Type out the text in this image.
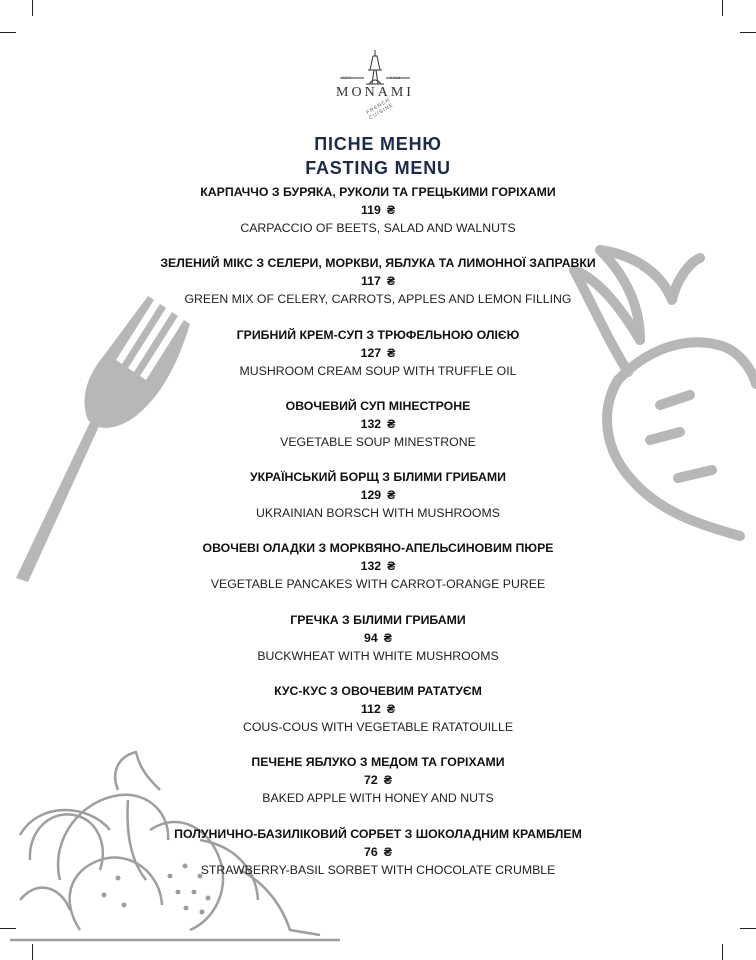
EST.	2016
MONAMI
FRENCH CUISINE
ПІСНЕ МЕНЮ
FASTING MENU
КАРПАЧЧО З БУРЯКА, РУКОЛИ ТА ГРЕЦЬКИМИ ГОРІХАМИ
119 ₴
CARPACCIO OF BEETS, SALAD AND WALNUTS
ЗЕЛЕНИЙ МІКС З СЕЛЕРИ, МОРКВИ, ЯБЛУКА ТА ЛИМОННОЇ ЗАПРАВКИ
117 ₴
GREEN MIX OF CELERY, CARROTS, APPLES AND LEMON FILLING
ГРИБНИЙ КРЕМ-СУП З ТРЮФЕЛЬНОЮ ОЛІЄЮ
127 ₴
MUSHROOM CREAM SOUP WITH TRUFFLE OIL
ОВОЧЕВИЙ СУП МІНЕСТРОНЕ
132 ₴
VEGETABLE SOUP MINESTRONE
УКРАЇНСЬКИЙ БОРЩ З БІЛИМИ ГРИБАМИ
129 ₴
UKRAINIAN BORSCH WITH MUSHROOMS
ОВОЧЕВІ ОЛАДКИ З МОРКВЯНО-АПЕЛЬСИНОВИМ ПЮРЕ
132 ₴
VEGETABLE PANCAKES WITH CARROT-ORANGE PUREE
ГРЕЧКА З БІЛИМИ ГРИБАМИ
94 ₴
BUCKWHEAT WITH WHITE MUSHROOMS
КУС-КУС З ОВОЧЕВИМ РАТАТУЄМ
112 ₴
COUS-COUS WITH VEGETABLE RATATOUILLE
ПЕЧЕНЕ ЯБЛУКО З МЕДОМ ТА ГОРІХАМИ
72 ₴
BAKED APPLE WITH HONEY AND NUTS
ПОЛУНИЧНО-БАЗИЛІКОВИЙ СОРБЕТ З ШОКОЛАДНИМ КРАМБЛЕМ
76 ₴
STRAWBERRY-BASIL SORBET WITH CHOCOLATE CRUMBLE
